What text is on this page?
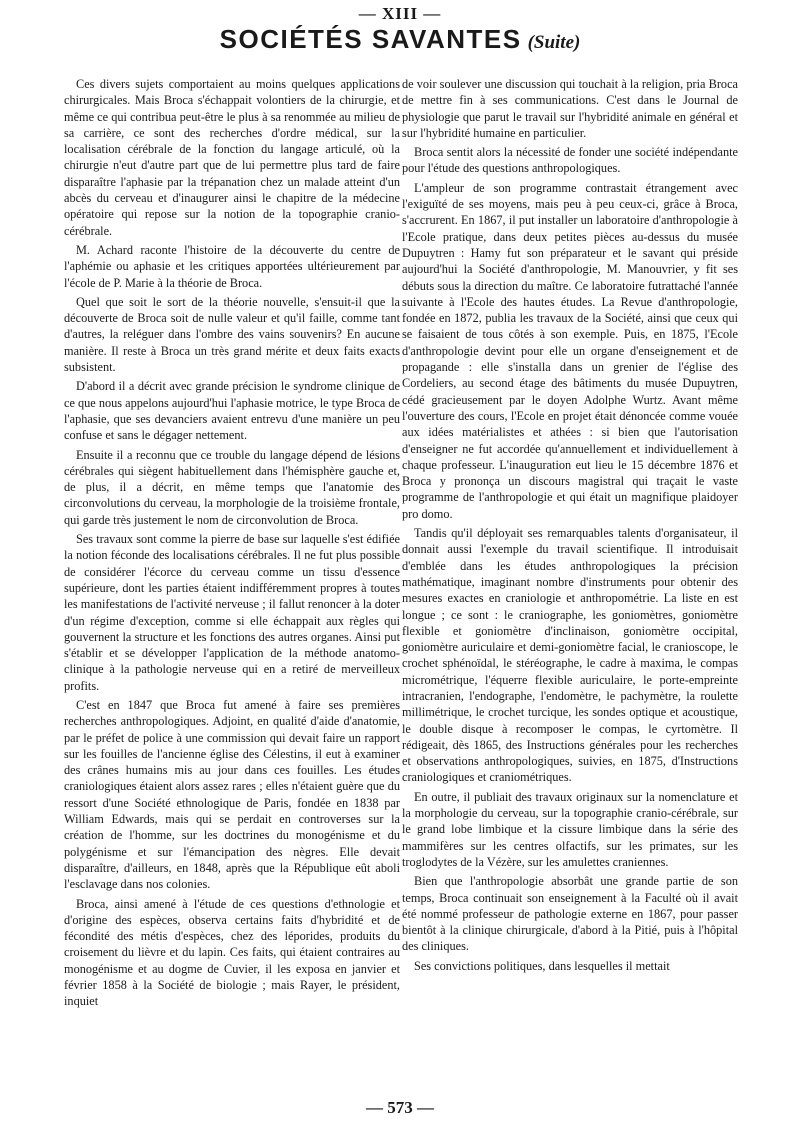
— XIII —
SOCIÉTÉS SAVANTES (Suite)

Ces divers sujets comportaient au moins quelques applications chirurgicales. Mais Broca s'échappait volontiers de la chirurgie, et même ce qui contribua peut-être le plus à sa renommée au milieu de sa carrière, ce sont des recherches d'ordre médical, sur la localisation cérébrale de la fonction du langage articulé, où la chirurgie n'eut d'autre part que de lui permettre plus tard de faire disparaître l'aphasie par la trépanation chez un malade atteint d'un abcès du cerveau et d'inaugurer ainsi le chapitre de la médecine opératoire qui repose sur la notion de la topographie cranio-cérébrale.

M. Achard raconte l'histoire de la découverte du centre de l'aphémie ou aphasie et les critiques apportées ultérieurement par l'école de P. Marie à la théorie de Broca.

Quel que soit le sort de la théorie nouvelle, s'ensuit-il que la découverte de Broca soit de nulle valeur et qu'il faille, comme tant d'autres, la reléguer dans l'ombre des vains souvenirs? En aucune manière. Il reste à Broca un très grand mérite et deux faits exacts subsistent.

D'abord il a décrit avec grande précision le syndrome clinique de ce que nous appelons aujourd'hui l'aphasie motrice, le type Broca de l'aphasie, que ses devanciers avaient entrevu d'une manière un peu confuse et sans le dégager nettement.

Ensuite il a reconnu que ce trouble du langage dépend de lésions cérébrales qui siègent habituellement dans l'hémisphère gauche et, de plus, il a décrit, en même temps que l'anatomie des circonvolutions du cerveau, la morphologie de la troisième frontale, qui garde très justement le nom de circonvolution de Broca.

Ses travaux sont comme la pierre de base sur laquelle s'est édifiée la notion féconde des localisations cérébrales. Il ne fut plus possible de considérer l'écorce du cerveau comme un tissu d'essence supérieure, dont les parties étaient indifféremment propres à toutes les manifestations de l'activité nerveuse ; il fallut renoncer à la doter d'un régime d'exception, comme si elle échappait aux règles qui gouvernent la structure et les fonctions des autres organes. Ainsi put s'établir et se développer l'application de la méthode anatomo-clinique à la pathologie nerveuse qui en a retiré de merveilleux profits.

C'est en 1847 que Broca fut amené à faire ses premières recherches anthropologiques. Adjoint, en qualité d'aide d'anatomie, par le préfet de police à une commission qui devait faire un rapport sur les fouilles de l'ancienne église des Célestins, il eut à examiner des crânes humains mis au jour dans ces fouilles. Les études craniologiques étaient alors assez rares ; elles n'étaient guère que du ressort d'une Société ethnologique de Paris, fondée en 1838 par William Edwards, mais qui se perdait en controverses sur la création de l'homme, sur les doctrines du monogénisme et du polygénisme et sur l'émancipation des nègres. Elle devait disparaître, d'ailleurs, en 1848, après que la République eût aboli l'esclavage dans nos colonies.

Broca, ainsi amené à l'étude de ces questions d'ethnologie et d'origine des espèces, observa certains faits d'hybridité et de fécondité des métis d'espèces, chez des léporides, produits du croisement du lièvre et du lapin. Ces faits, qui étaient contraires au monogénisme et au dogme de Cuvier, il les exposa en janvier et février 1858 à la Société de biologie ; mais Rayer, le président, inquiet

de voir soulever une discussion qui touchait à la religion, pria Broca de mettre fin à ses communications. C'est dans le Journal de physiologie que parut le travail sur l'hybridité animale en général et sur l'hybridité humaine en particulier.

Broca sentit alors la nécessité de fonder une société indépendante pour l'étude des questions anthropologiques.

L'ampleur de son programme contrastait étrangement avec l'exiguïté de ses moyens, mais peu à peu ceux-ci, grâce à Broca, s'accrurent. En 1867, il put installer un laboratoire d'anthropologie à l'Ecole pratique, dans deux petites pièces au-dessus du musée Dupuytren : Hamy fut son préparateur et le savant qui préside aujourd'hui la Société d'anthropologie, M. Manouvrier, y fit ses débuts sous la direction du maître. Ce laboratoire futrattaché l'année suivante à l'Ecole des hautes études. La Revue d'anthropologie, fondée en 1872, publia les travaux de la Société, ainsi que ceux qui se faisaient de tous côtés à son exemple. Puis, en 1875, l'Ecole d'anthropologie devint pour elle un organe d'enseignement et de propagande : elle s'installa dans un grenier de l'église des Cordeliers, au second étage des bâtiments du musée Dupuytren, cédé gracieusement par le doyen Adolphe Wurtz. Avant même l'ouverture des cours, l'Ecole en projet était dénoncée comme vouée aux idées matérialistes et athées : si bien que l'autorisation d'enseigner ne fut accordée qu'annuellement et individuellement à chaque professeur. L'inauguration eut lieu le 15 décembre 1876 et Broca y prononça un discours magistral qui traçait le vaste programme de l'anthropologie et qui était un magnifique plaidoyer pro domo.

Tandis qu'il déployait ses remarquables talents d'organisateur, il donnait aussi l'exemple du travail scientifique. Il introduisait d'emblée dans les études anthropologiques la précision mathématique, imaginant nombre d'instruments pour obtenir des mesures exactes en craniologie et anthropométrie. La liste en est longue ; ce sont : le craniographe, les goniomètres, goniomètre flexible et goniomètre d'inclinaison, goniomètre occipital, goniomètre auriculaire et demi-goniomètre facial, le cranioscope, le crochet sphénoïdal, le stéréographe, le cadre à maxima, le compas micrométrique, l'équerre flexible auriculaire, le porte-empreinte intracranien, l'endographe, l'endomètre, le pachymètre, la roulette millimétrique, le crochet turcique, les sondes optique et acoustique, le double disque à recomposer le compas, le cyrtomètre. Il rédigeait, dès 1865, des Instructions générales pour les recherches et observations anthropologiques, suivies, en 1875, d'Instructions craniologiques et craniométriques.

En outre, il publiait des travaux originaux sur la nomenclature et la morphologie du cerveau, sur la topographie cranio-cérébrale, sur le grand lobe limbique et la cissure limbique dans la série des mammifères sur les centres olfactifs, sur les primates, sur les troglodytes de la Vézère, sur les amulettes craniennes.

Bien que l'anthropologie absorbât une grande partie de son temps, Broca continuait son enseignement à la Faculté où il avait été nommé professeur de pathologie externe en 1867, pour passer bientôt à la clinique chirurgicale, d'abord à la Pitié, puis à l'hôpital des cliniques.

Ses convictions politiques, dans lesquelles il mettait

— 573 —
